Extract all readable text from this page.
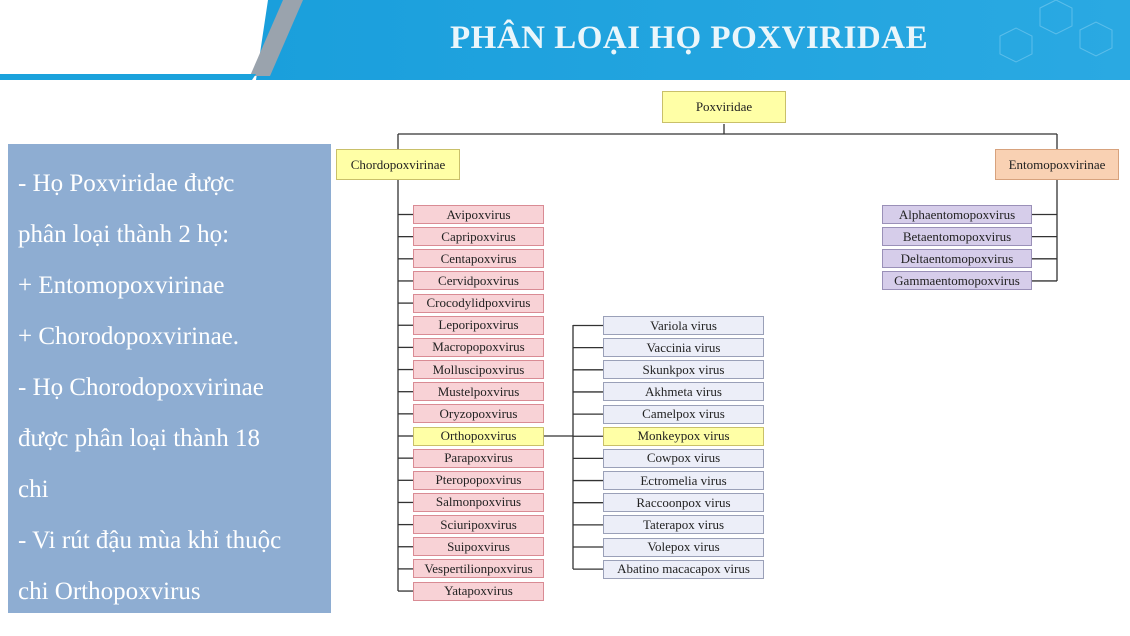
PHÂN LOẠI HỌ POXVIRIDAE
- Họ Poxviridae được
phân loại thành 2 họ:
+ Entomopoxvirinae
+ Chorodopoxvirinae.
- Họ Chorodopoxvirinae
được phân loại thành 18
chi
- Vi rút đậu mùa khỉ thuộc
chi Orthopoxvirus
Poxviridae
Chordopoxvirinae	Entomopoxvirinae
Avipoxvirus
Capripoxvirus
Centapoxvirus
Cervidpoxvirus
Crocodylidpoxvirus
Leporipoxvirus
Macropopoxvirus
Molluscipoxvirus
Mustelpoxvirus
Oryzopoxvirus
Orthopoxvirus
Parapoxvirus
Pteropopoxvirus
Salmonpoxvirus
Sciuripoxvirus
Suipoxvirus
Vespertilionpoxvirus
Yatapoxvirus
Alphaentomopoxvirus
Betaentomopoxvirus
Deltaentomopoxvirus
Gammaentomopoxvirus
Variola virus
Vaccinia virus
Skunkpox virus
Akhmeta virus
Camelpox virus
Monkeypox virus
Cowpox virus
Ectromelia virus
Raccoonpox virus
Taterapox virus
Volepox virus
Abatino macacapox virus
